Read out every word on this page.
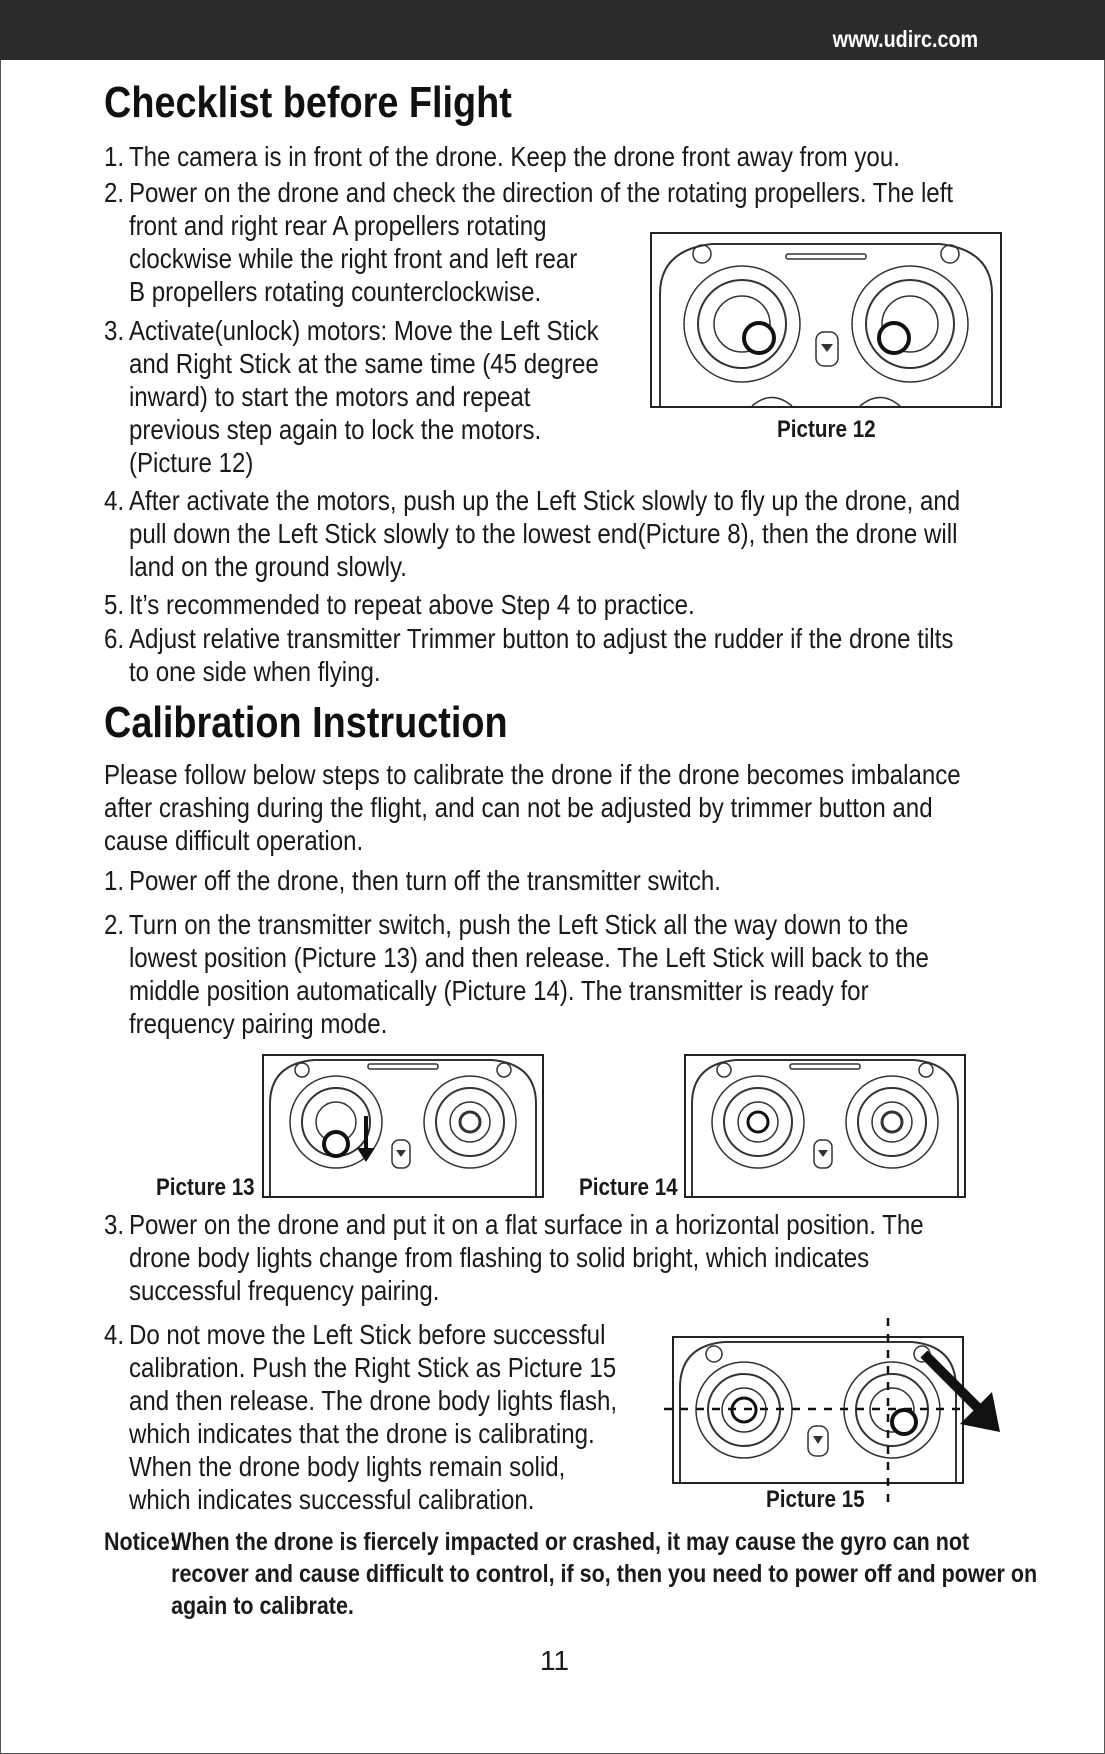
www.udirc.com
Checklist before Flight
1. The camera is in front of the drone. Keep the drone front away from you.
2. Power on the drone and check the direction of the rotating propellers. The left
front and right rear A propellers rotating
clockwise while the right front and left rear
B propellers rotating counterclockwise.
3. Activate(unlock) motors: Move the Left Stick
and Right Stick at the same time (45 degree
inward) to start the motors and repeat
previous step again to lock the motors.
(Picture 12)
4. After activate the motors, push up the Left Stick slowly to fly up the drone, and
pull down the Left Stick slowly to the lowest end(Picture 8), then the drone will
land on the ground slowly.
5. It’s recommended to repeat above Step 4 to practice.
6. Adjust relative transmitter Trimmer button to adjust the rudder if the drone tilts
to one side when flying.
Picture 12
Calibration Instruction
Please follow below steps to calibrate the drone if the drone becomes imbalance
after crashing during the flight, and can not be adjusted by trimmer button and
cause difficult operation.
1. Power off the drone, then turn off the transmitter switch.
2. Turn on the transmitter switch, push the Left Stick all the way down to the
lowest position (Picture 13) and then release. The Left Stick will back to the
middle position automatically (Picture 14). The transmitter is ready for
frequency pairing mode.
Picture 13	Picture 14
3. Power on the drone and put it on a flat surface in a horizontal position. The
drone body lights change from flashing to solid bright, which indicates
successful frequency pairing.
4. Do not move the Left Stick before successful
calibration. Push the Right Stick as Picture 15
and then release. The drone body lights flash,
which indicates that the drone is calibrating.
When the drone body lights remain solid,
which indicates successful calibration.	Picture 15
Notice:
When the drone is fiercely impacted or crashed, it may cause the gyro can not
recover and cause difficult to control, if so, then you need to power off and power on
again to calibrate.
11
